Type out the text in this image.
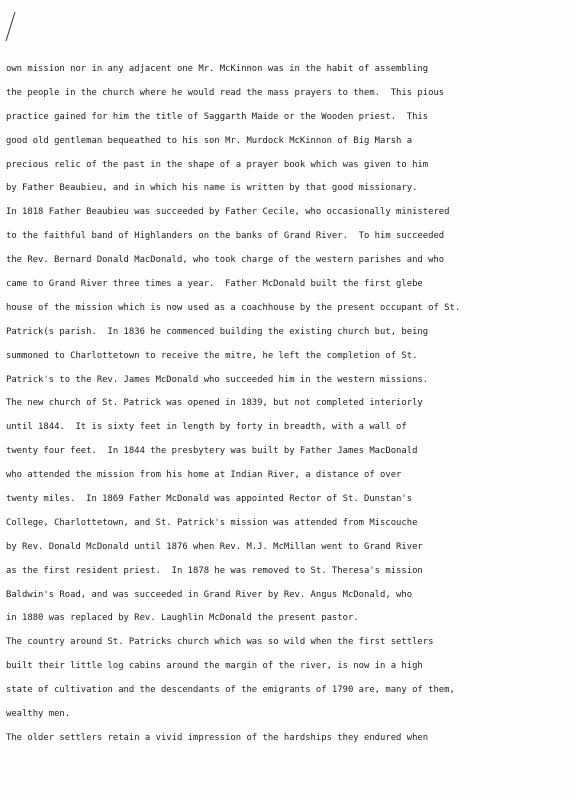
own mission nor in any adjacent one Mr. McKinnon was in the habit of assembling
the people in the church where he would read the mass prayers to them.  This pious
practice gained for him the title of Saggarth Maide or the Wooden priest.  This
good old gentleman bequeathed to his son Mr. Murdock McKinnon of Big Marsh a
precious relic of the past in the shape of a prayer book which was given to him
by Father Beaubieu, and in which his name is written by that good missionary.
In 1818 Father Beaubieu was succeeded by Father Cecile, who occasionally ministered
to the faithful band of Highlanders on the banks of Grand River.  To him succeeded
the Rev. Bernard Donald MacDonald, who took charge of the western parishes and who
came to Grand River three times a year.  Father McDonald built the first glebe
house of the mission which is now used as a coachhouse by the present occupant of St.
Patrick(s parish.  In 1836 he commenced building the existing church but, being
summoned to Charlottetown to receive the mitre, he left the completion of St.
Patrick's to the Rev. James McDonald who succeeded him in the western missions.
The new church of St. Patrick was opened in 1839, but not completed interiorly
until 1844.  It is sixty feet in length by forty in breadth, with a wall of
twenty four feet.  In 1844 the presbytery was built by Father James MacDonald
who attended the mission from his home at Indian River, a distance of over
twenty miles.  In 1869 Father McDonald was appointed Rector of St. Dunstan's
College, Charlottetown, and St. Patrick's mission was attended from Miscouche
by Rev. Donald McDonald until 1876 when Rev. M.J. McMillan went to Grand River
as the first resident priest.  In 1878 he was removed to St. Theresa's mission
Baldwin's Road, and was succeeded in Grand River by Rev. Angus McDonald, who
in 1880 was replaced by Rev. Laughlin McDonald the present pastor.
The country around St. Patricks church which was so wild when the first settlers
built their little log cabins around the margin of the river, is now in a high
state of cultivation and the descendants of the emigrants of 1790 are, many of them,
wealthy men.
The older settlers retain a vivid impression of the hardships they endured when
